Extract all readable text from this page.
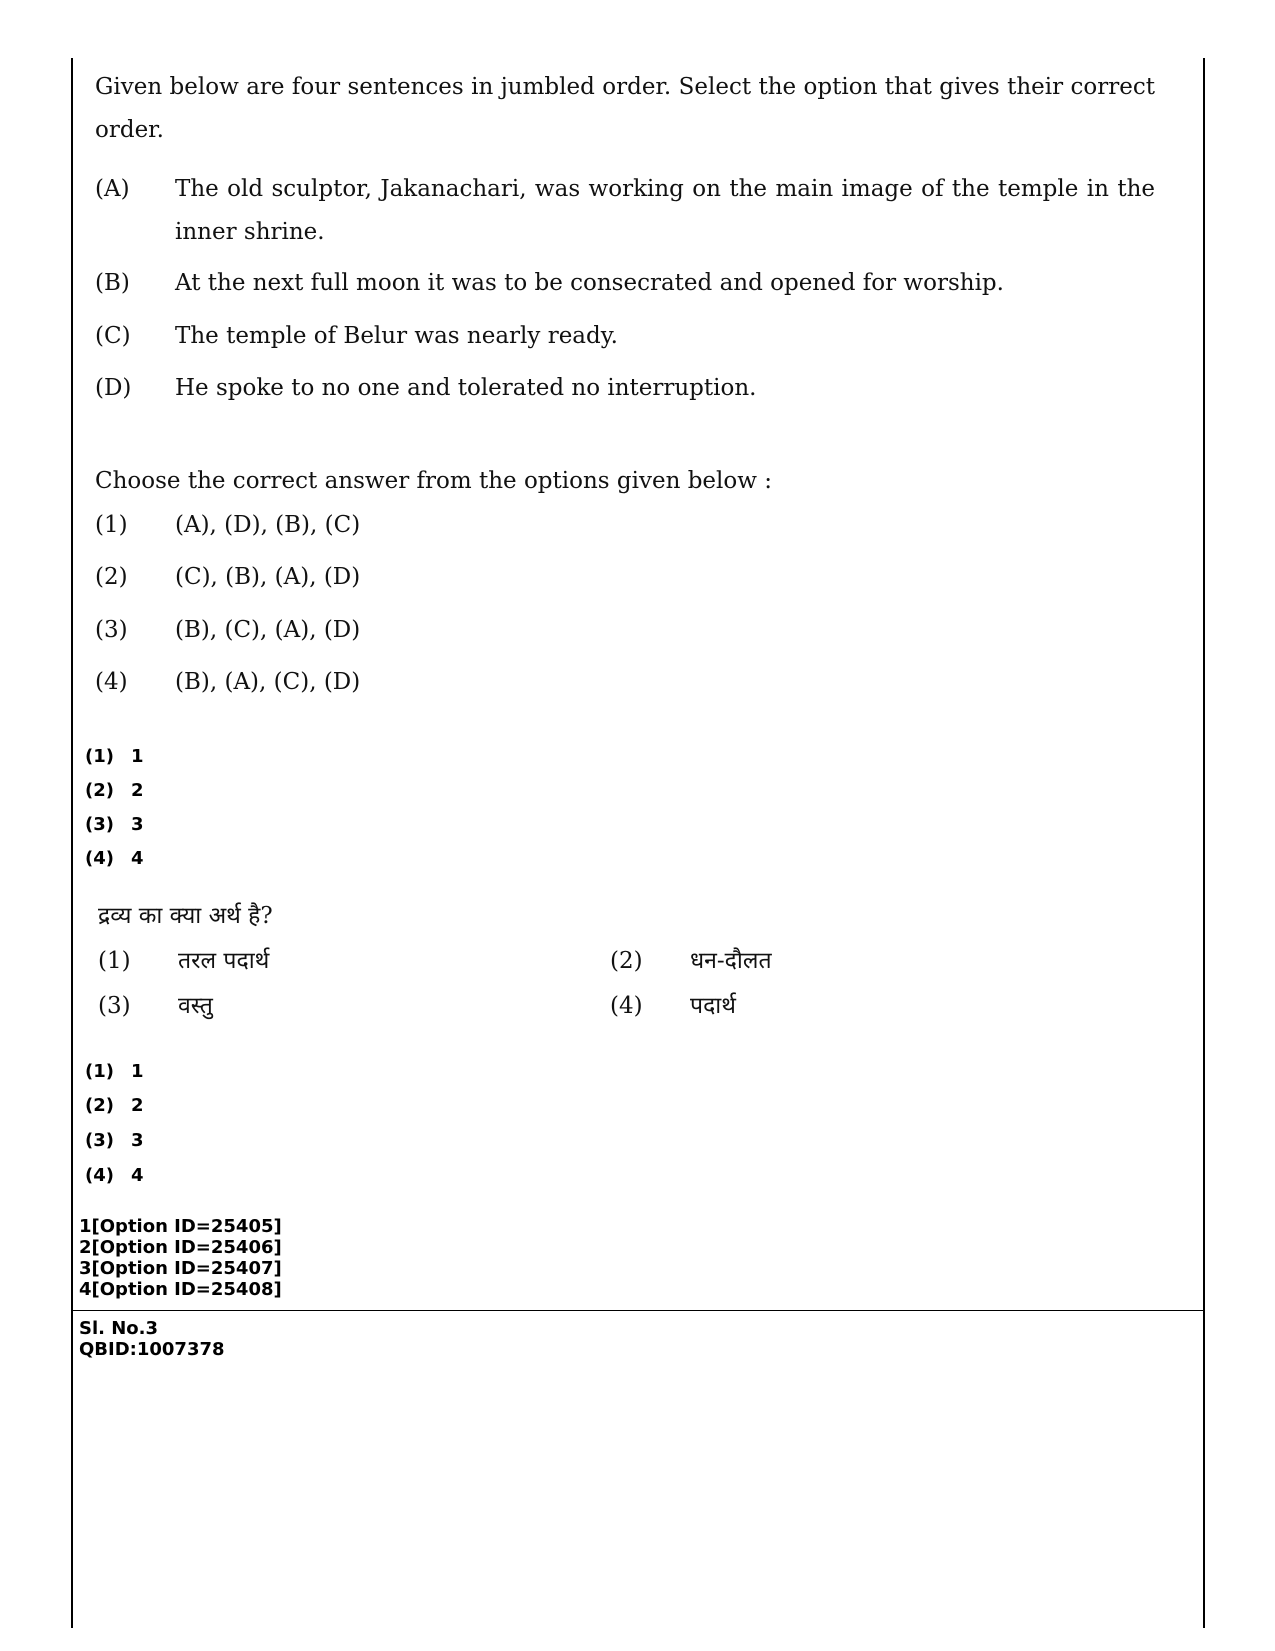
Given below are four sentences in jumbled order. Select the option that gives their correct order.
(A) The old sculptor, Jakanachari, was working on the main image of the temple in the inner shrine.
(B) At the next full moon it was to be consecrated and opened for worship.
(C) The temple of Belur was nearly ready.
(D) He spoke to no one and tolerated no interruption.
Choose the correct answer from the options given below :
(1) (A), (D), (B), (C)
(2) (C), (B), (A), (D)
(3) (B), (C), (A), (D)
(4) (B), (A), (C), (D)
(1) 1
(2) 2
(3) 3
(4) 4
द्रव्य का क्या अर्थ है?
(1) तरल पदार्थ	(2) धन-दौलत
(3) वस्तु	(4) पदार्थ
(1) 1
(2) 2
(3) 3
(4) 4
1[Option ID=25405]
2[Option ID=25406]
3[Option ID=25407]
4[Option ID=25408]
Sl. No.3
QBID:1007378
